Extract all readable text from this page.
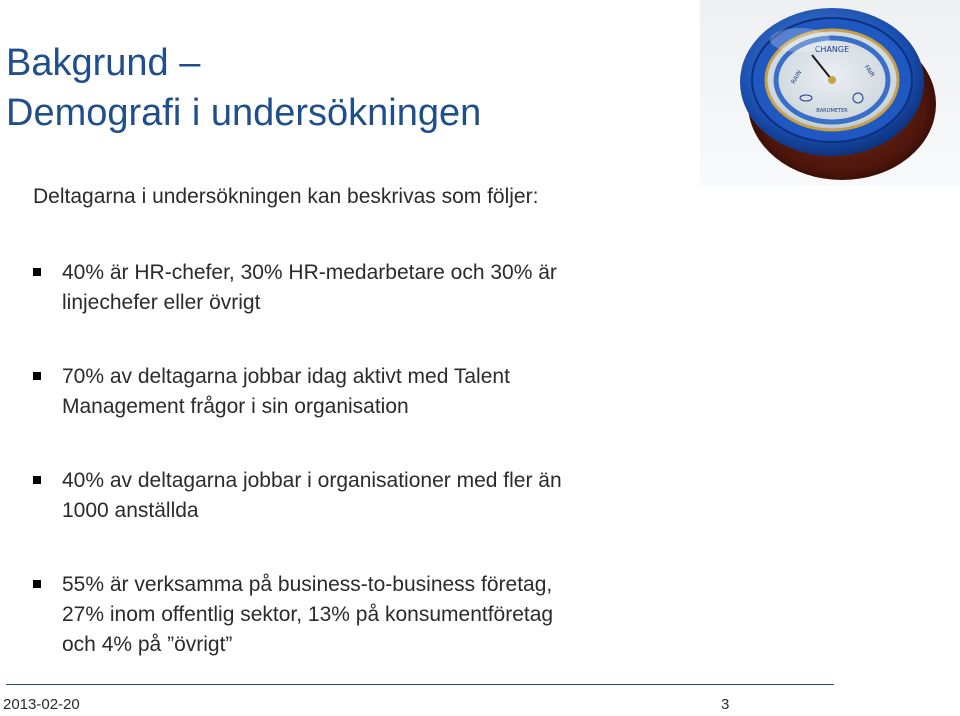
Bakgrund –
Demografi i undersökningen

Deltagarna i undersökningen kan beskrivas som följer:

40% är HR-chefer, 30% HR-medarbetare och 30% är
linjechefer eller övrigt
70% av deltagarna jobbar idag aktivt med Talent
Management frågor i sin organisation
40% av deltagarna jobbar i organisationer med fler än
1000 anställda
55% är verksamma på business-to-business företag,
27% inom offentlig sektor, 13% på konsumentföretag
och 4% på ”övrigt”
CHANGE
RAIN	FAIR
BAROMETER
2013-02-20	3
